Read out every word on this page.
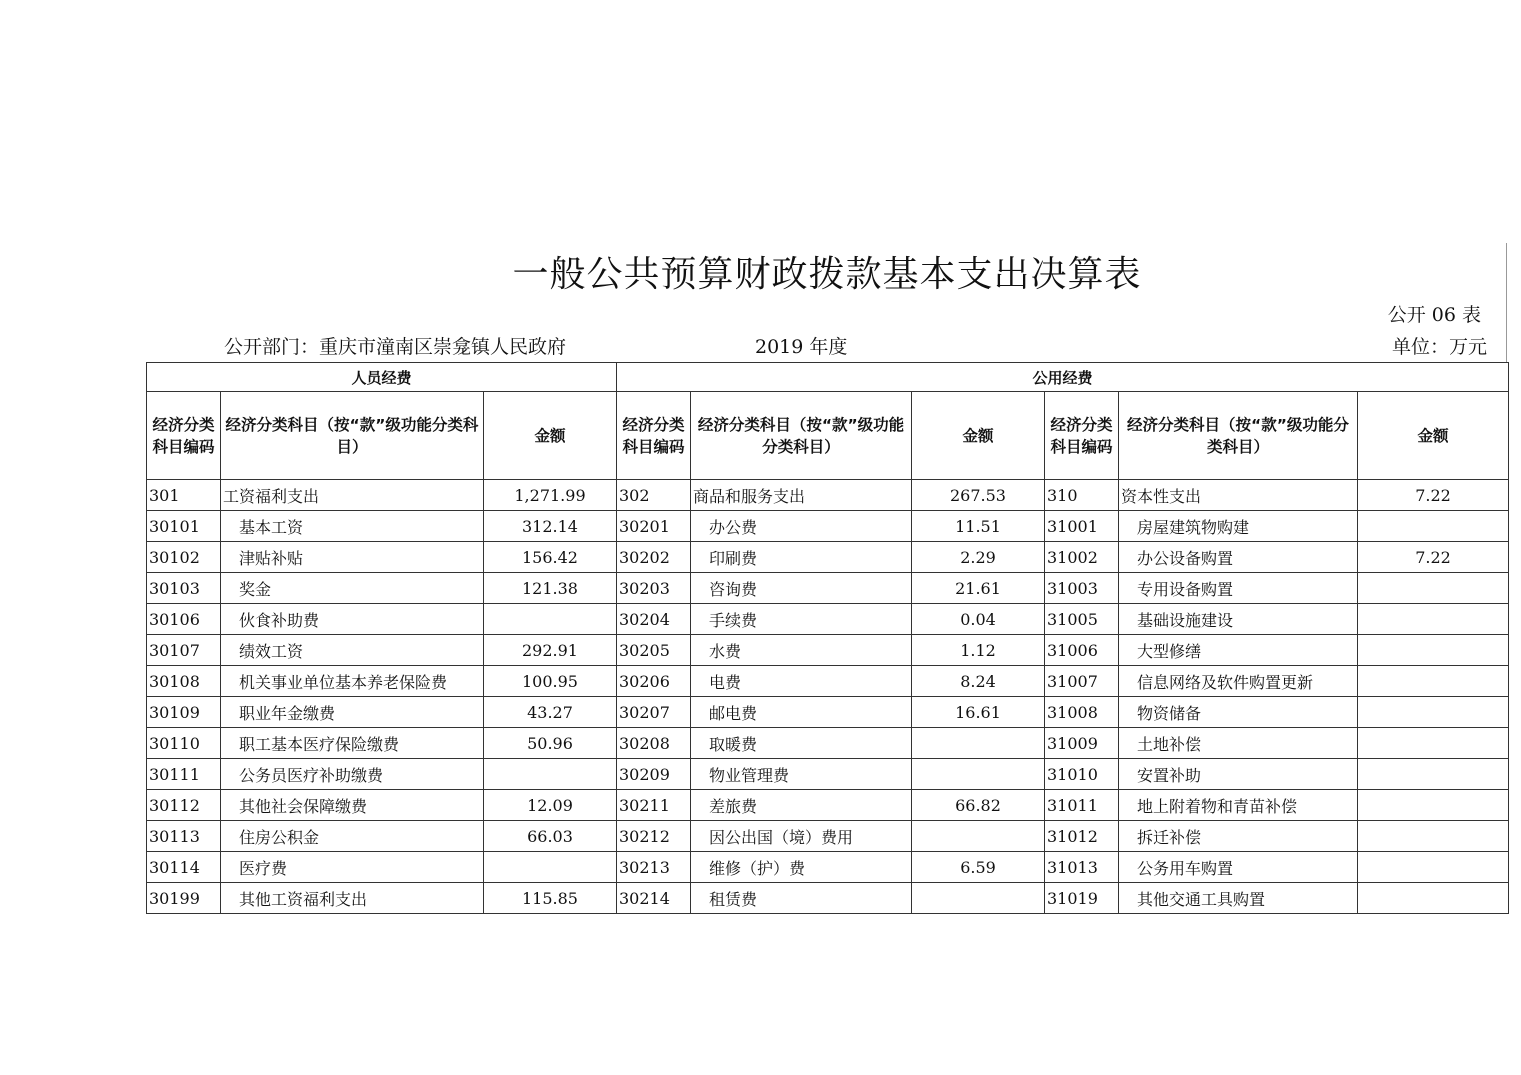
一般公共预算财政拨款基本支出决算表
公开 06 表
公开部门：重庆市潼南区崇龛镇人民政府	2019 年度	单位：万元
人员经费			公用经费					
经济分类科目编码	经济分类科目（按“款”级功能分类科目）	金额	经济分类科目编码	经济分类科目（按“款”级功能分类科目）	金额	经济分类科目编码	经济分类科目（按“款”级功能分类科目）	金额
301	工资福利支出	1,271.99	302	商品和服务支出	267.53	310	资本性支出	7.22
30101	基本工资	312.14	30201	办公费	11.51	31001	房屋建筑物购建	
30102	津贴补贴	156.42	30202	印刷费	2.29	31002	办公设备购置	7.22
30103	奖金	121.38	30203	咨询费	21.61	31003	专用设备购置	
30106	伙食补助费		30204	手续费	0.04	31005	基础设施建设	
30107	绩效工资	292.91	30205	水费	1.12	31006	大型修缮	
30108	机关事业单位基本养老保险费	100.95	30206	电费	8.24	31007	信息网络及软件购置更新	
30109	职业年金缴费	43.27	30207	邮电费	16.61	31008	物资储备	
30110	职工基本医疗保险缴费	50.96	30208	取暖费		31009	土地补偿	
30111	公务员医疗补助缴费		30209	物业管理费		31010	安置补助	
30112	其他社会保障缴费	12.09	30211	差旅费	66.82	31011	地上附着物和青苗补偿	
30113	住房公积金	66.03	30212	因公出国（境）费用		31012	拆迁补偿	
30114	医疗费		30213	维修（护）费	6.59	31013	公务用车购置	
30199	其他工资福利支出	115.85	30214	租赁费		31019	其他交通工具购置	
